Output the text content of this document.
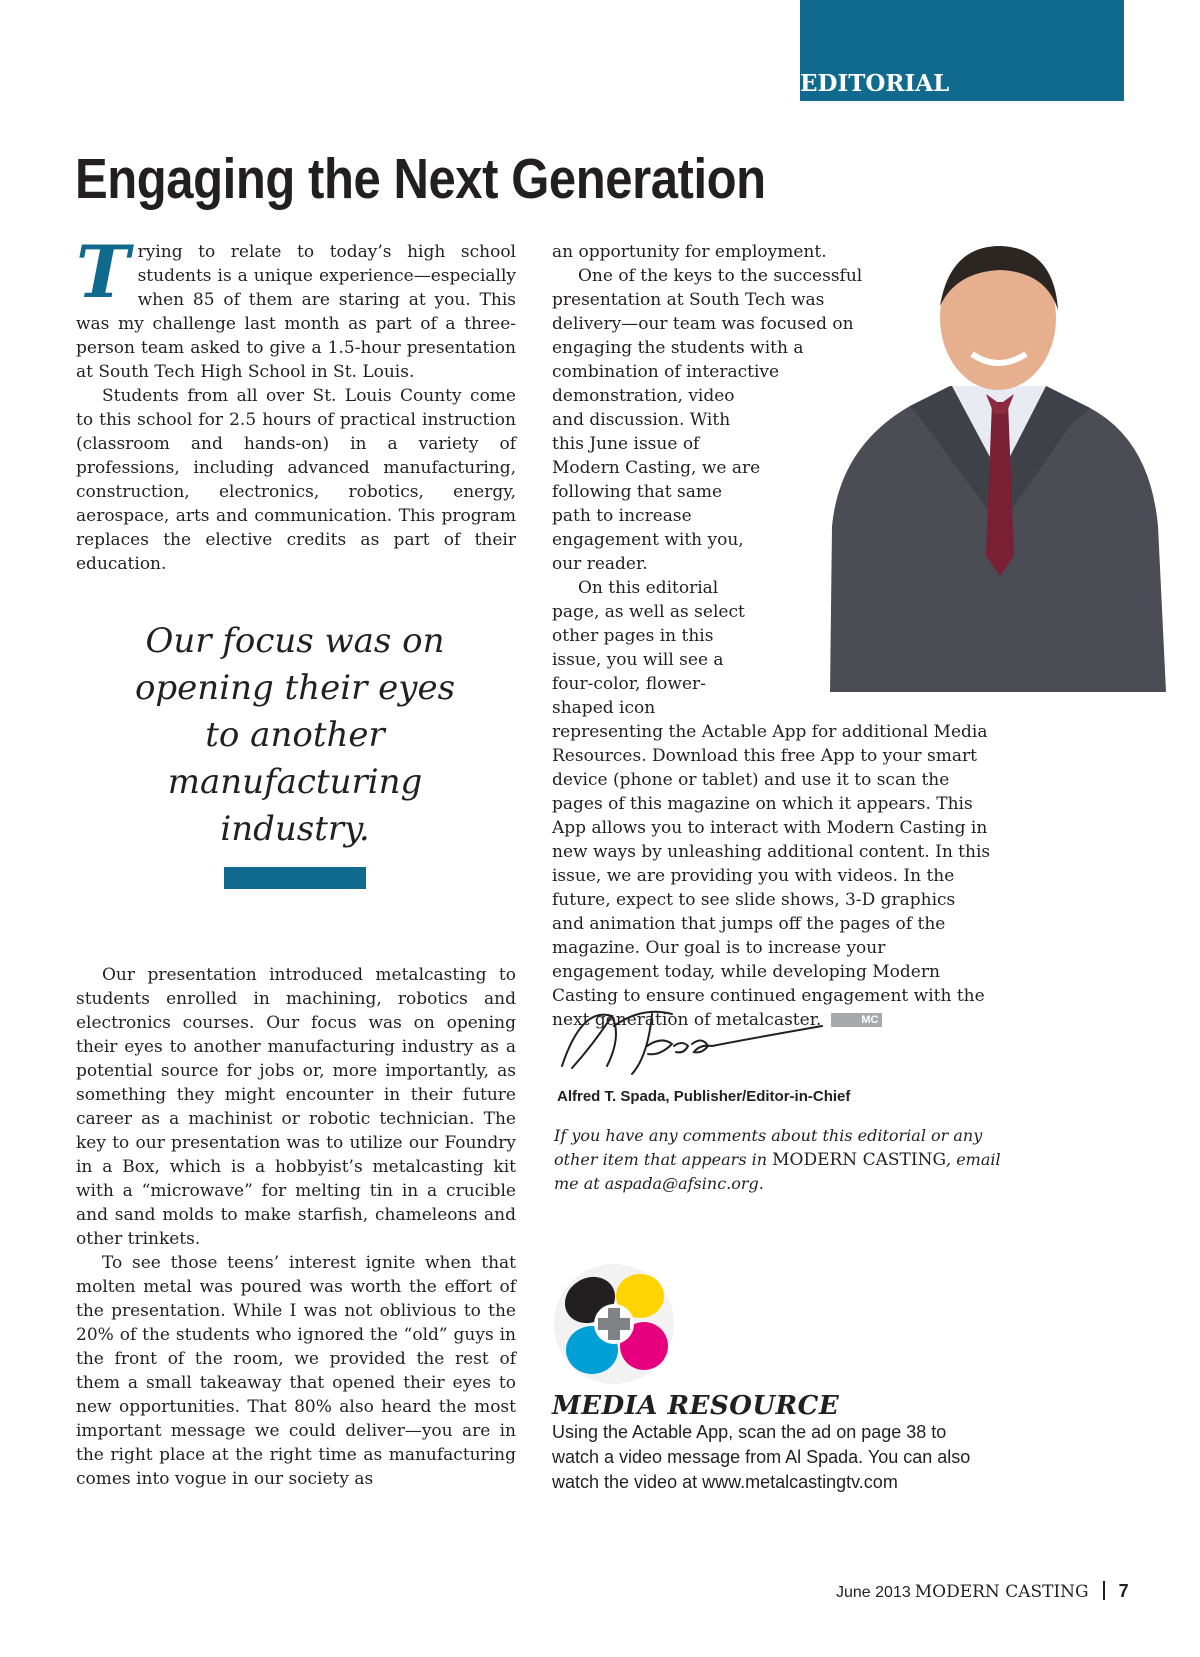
EDITORIAL
Engaging the Next Generation

Trying to relate to today’s high school students is a unique experience—especially when 85 of them are staring at you. This was my challenge last month as part of a three-person team asked to give a 1.5-hour presentation at South Tech High School in St. Louis.

Students from all over St. Louis County come to this school for 2.5 hours of practical instruction (classroom and hands-on) in a variety of professions, including advanced manufacturing, construction, electronics, robotics, energy, aerospace, arts and communication. This program replaces the elective credits as part of their education.

Our focus was on opening their eyes to another manufacturing industry.

Our presentation introduced metalcasting to students enrolled in machining, robotics and electronics courses. Our focus was on opening their eyes to another manufacturing industry as a potential source for jobs or, more importantly, as something they might encounter in their future career as a machinist or robotic technician. The key to our presentation was to utilize our Foundry in a Box, which is a hobbyist’s metalcasting kit with a “microwave” for melting tin in a crucible and sand molds to make starfish, chameleons and other trinkets.

To see those teens’ interest ignite when that molten metal was poured was worth the effort of the presentation. While I was not oblivious to the 20% of the students who ignored the “old” guys in the front of the room, we provided the rest of them a small takeaway that opened their eyes to new opportunities. That 80% also heard the most important message we could deliver—you are in the right place at the right time as manufacturing comes into vogue in our society as

an opportunity for employment.

One of the keys to the successful presentation at South Tech was delivery—our team was focused on engaging the students with a combination of interactive demonstration, video and discussion. With this June issue of Modern Casting, we are following that same path to increase engagement with you, our reader.

On this editorial page, as well as select other pages in this issue, you will see a four-color, flower-shaped icon representing the Actable App for additional Media Resources. Download this free App to your smart device (phone or tablet) and use it to scan the pages of this magazine on which it appears. This App allows you to interact with Modern Casting in new ways by unleashing additional content. In this issue, we are providing you with videos. In the future, expect to see slide shows, 3-D graphics and animation that jumps off the pages of the magazine. Our goal is to increase your engagement today, while developing Modern Casting to ensure continued engagement with the next generation of metalcaster.	MC

Alfred T. Spada, Publisher/Editor-in-Chief
If you have any comments about this editorial or any other item that appears in MODERN CASTING, email me at aspada@afsinc.org.
MEDIA RESOURCE
Using the Actable App, scan the ad on page 38 to watch a video message from Al Spada. You can also watch the video at www.metalcastingtv.com
June 2013 MODERN CASTING 7
